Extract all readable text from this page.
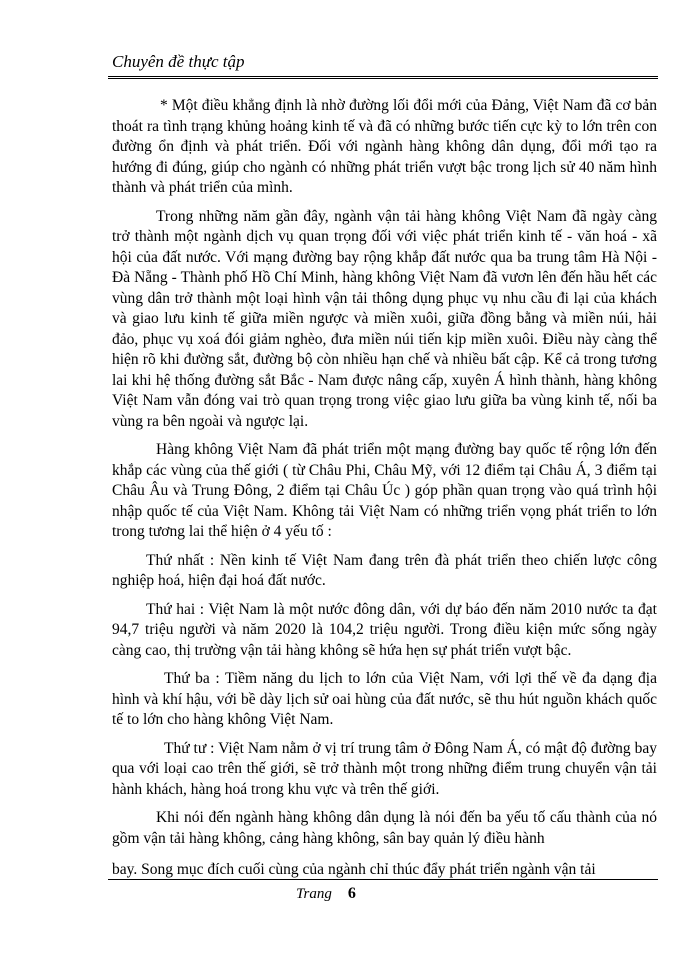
Chuyên đề thực tập

* Một điều khẳng định là nhờ đường lối đổi mới của Đảng, Việt Nam đã cơ bản thoát ra tình trạng khủng hoảng kinh tế và đã có những bước tiến cực kỳ to lớn trên con đường ổn định và phát triển. Đối với ngành hàng không dân dụng, đổi mới tạo ra hướng đi đúng, giúp cho ngành có những phát triển vượt bậc trong lịch sử 40 năm hình thành và phát triển của mình.

Trong những năm gần đây, ngành vận tải hàng không Việt Nam đã ngày càng trở thành một ngành dịch vụ quan trọng đối với việc phát triển kinh tế - văn hoá - xã hội của đất nước. Với mạng đường bay rộng khắp đất nước qua ba trung tâm Hà Nội - Đà Nẵng - Thành phố Hồ Chí Minh, hàng không Việt Nam đã vươn lên đến hầu hết các vùng dân trở thành một loại hình vận tải thông dụng phục vụ nhu cầu đi lại của khách và giao lưu kinh tế giữa miền ngược và miền xuôi, giữa đồng bằng và miền núi, hải đảo, phục vụ xoá đói giảm nghèo, đưa miền núi tiến kịp miền xuôi. Điều này càng thể hiện rõ khi đường sắt, đường bộ còn nhiều hạn chế và nhiều bất cập. Kể cả trong tương lai khi hệ thống đường sắt Bắc - Nam được nâng cấp, xuyên Á hình thành, hàng không Việt Nam vẫn đóng vai trò quan trọng trong việc giao lưu giữa ba vùng kinh tế, nối ba vùng ra bên ngoài và ngược lại.

Hàng không Việt Nam đã phát triển một mạng đường bay quốc tế rộng lớn đến khắp các vùng của thế giới ( từ Châu Phi, Châu Mỹ, với 12 điểm tại Châu Á, 3 điểm tại Châu Âu và Trung Đông, 2 điểm tại Châu Úc ) góp phần quan trọng vào quá trình hội nhập quốc tế của Việt Nam. Không tải Việt Nam có những triển vọng phát triển to lớn trong tương lai thể hiện ở 4 yếu tố :

Thứ nhất : Nền kinh tế Việt Nam đang trên đà phát triển theo chiến lược công nghiệp hoá, hiện đại hoá đất nước.

Thứ hai : Việt Nam là một nước đông dân, với dự báo đến năm 2010 nước ta đạt 94,7 triệu người và năm 2020 là 104,2 triệu người. Trong điều kiện mức sống ngày càng cao, thị trường vận tải hàng không sẽ hứa hẹn sự phát triển vượt bậc.

Thứ ba : Tiềm năng du lịch to lớn của Việt Nam, với lợi thế về đa dạng địa hình và khí hậu, với bề dày lịch sử oai hùng của đất nước, sẽ thu hút nguồn khách quốc tế to lớn cho hàng không Việt Nam.

Thứ tư : Việt Nam nằm ở vị trí trung tâm ở Đông Nam Á, có mật độ đường bay qua với loại cao trên thế giới, sẽ trở thành một trong những điểm trung chuyển vận tải hành khách, hàng hoá trong khu vực và trên thế giới.

Khi nói đến ngành hàng không dân dụng là nói đến ba yếu tố cấu thành của nó gồm vận tải hàng không, cảng hàng không, sân bay quản lý điều hành

bay. Song mục đích cuối cùng của ngành chỉ thúc đẩy phát triển ngành vận tải
Trang 6
